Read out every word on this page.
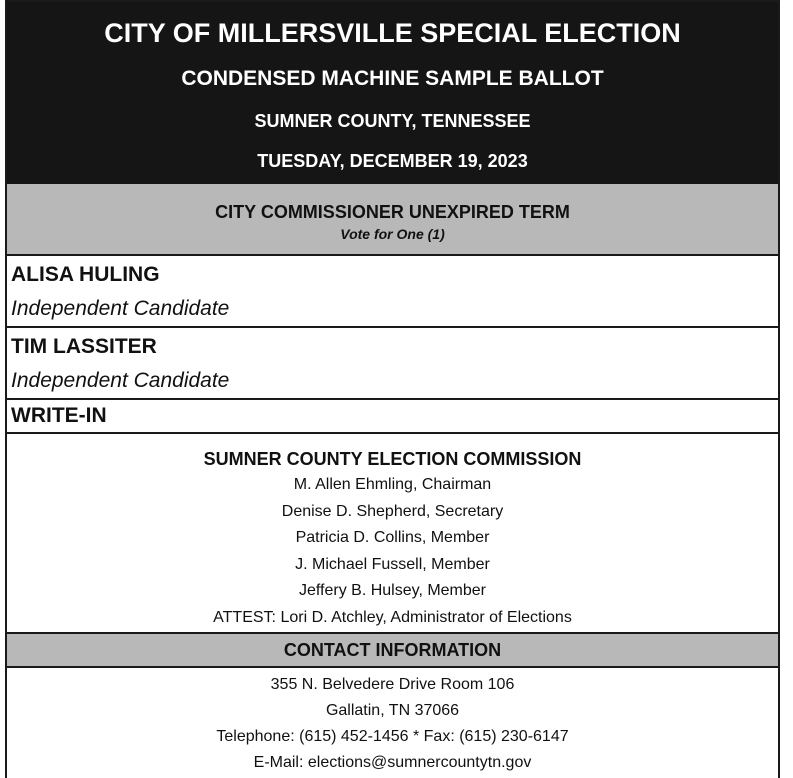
CITY OF MILLERSVILLE SPECIAL ELECTION
CONDENSED MACHINE SAMPLE BALLOT
SUMNER COUNTY, TENNESSEE
TUESDAY, DECEMBER 19, 2023
CITY COMMISSIONER UNEXPIRED TERM
Vote for One (1)
ALISA HULING
Independent Candidate
TIM LASSITER
Independent Candidate
WRITE-IN
SUMNER COUNTY ELECTION COMMISSION
M. Allen Ehmling, Chairman
Denise D. Shepherd, Secretary
Patricia D. Collins, Member
J. Michael Fussell, Member
Jeffery B. Hulsey, Member
ATTEST: Lori D. Atchley, Administrator of Elections
CONTACT INFORMATION
355 N. Belvedere Drive Room 106
Gallatin, TN 37066
Telephone: (615) 452-1456 * Fax: (615) 230-6147
E-Mail: elections@sumnercountytn.gov
